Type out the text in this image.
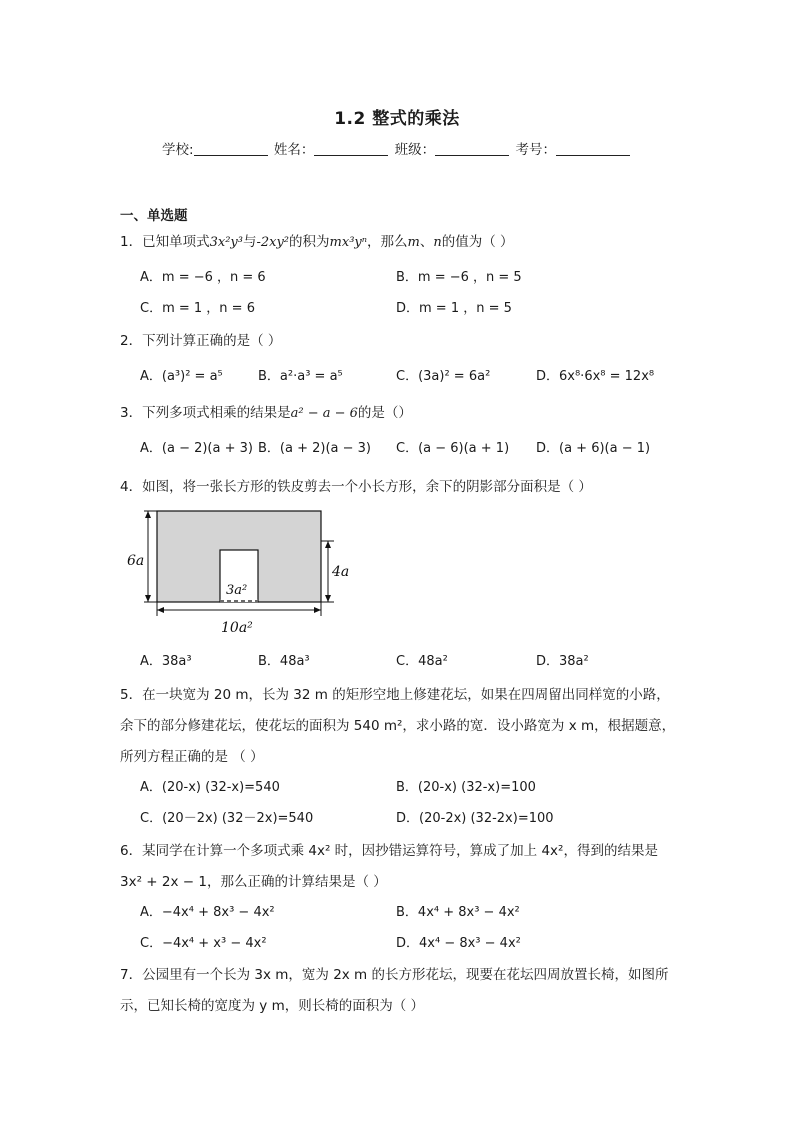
1.2 整式的乘法
学校:	姓名：	班级：	考号：
一、单选题
1．已知单项式3x²y³与-2xy²的积为mx³yⁿ，那么m、n的值为（ ）
A．m = −6 ，n = 6	B．m = −6 ，n = 5
C．m = 1 ，n = 6	D．m = 1 ，n = 5
2．下列计算正确的是（ ）
A．(a³)² = a⁵	B．a²·a³ = a⁵	C．(3a)² = 6a²	D．6x⁸·6x⁸ = 12x⁸
3．下列多项式相乘的结果是a² − a − 6的是（）
A．(a − 2)(a + 3) B．(a + 2)(a − 3) C．(a − 6)(a + 1) D．(a + 6)(a − 1)
4．如图，将一张长方形的铁皮剪去一个小长方形，余下的阴影部分面积是（ ）
6a
4a
3a²
10a²
A．38a³	B．48a³	C．48a²	D．38a²
5．在一块宽为 20 m，长为 32 m 的矩形空地上修建花坛，如果在四周留出同样宽的小路，
余下的部分修建花坛，使花坛的面积为 540 m²，求小路的宽．设小路宽为 x m，根据题意，
所列方程正确的是 （ ）
A．(20-x) (32-x)=540	B．(20-x) (32-x)=100
C．(20－2x) (32－2x)=540	D．(20-2x) (32-2x)=100
6．某同学在计算一个多项式乘 4x² 时，因抄错运算符号，算成了加上 4x²，得到的结果是
3x² + 2x − 1，那么正确的计算结果是（ ）
A．−4x⁴ + 8x³ − 4x²	B．4x⁴ + 8x³ − 4x²
C．−4x⁴ + x³ − 4x²	D．4x⁴ − 8x³ − 4x²
7．公园里有一个长为 3x m，宽为 2x m 的长方形花坛，现要在花坛四周放置长椅，如图所
示，已知长椅的宽度为 y m，则长椅的面积为（ ）
